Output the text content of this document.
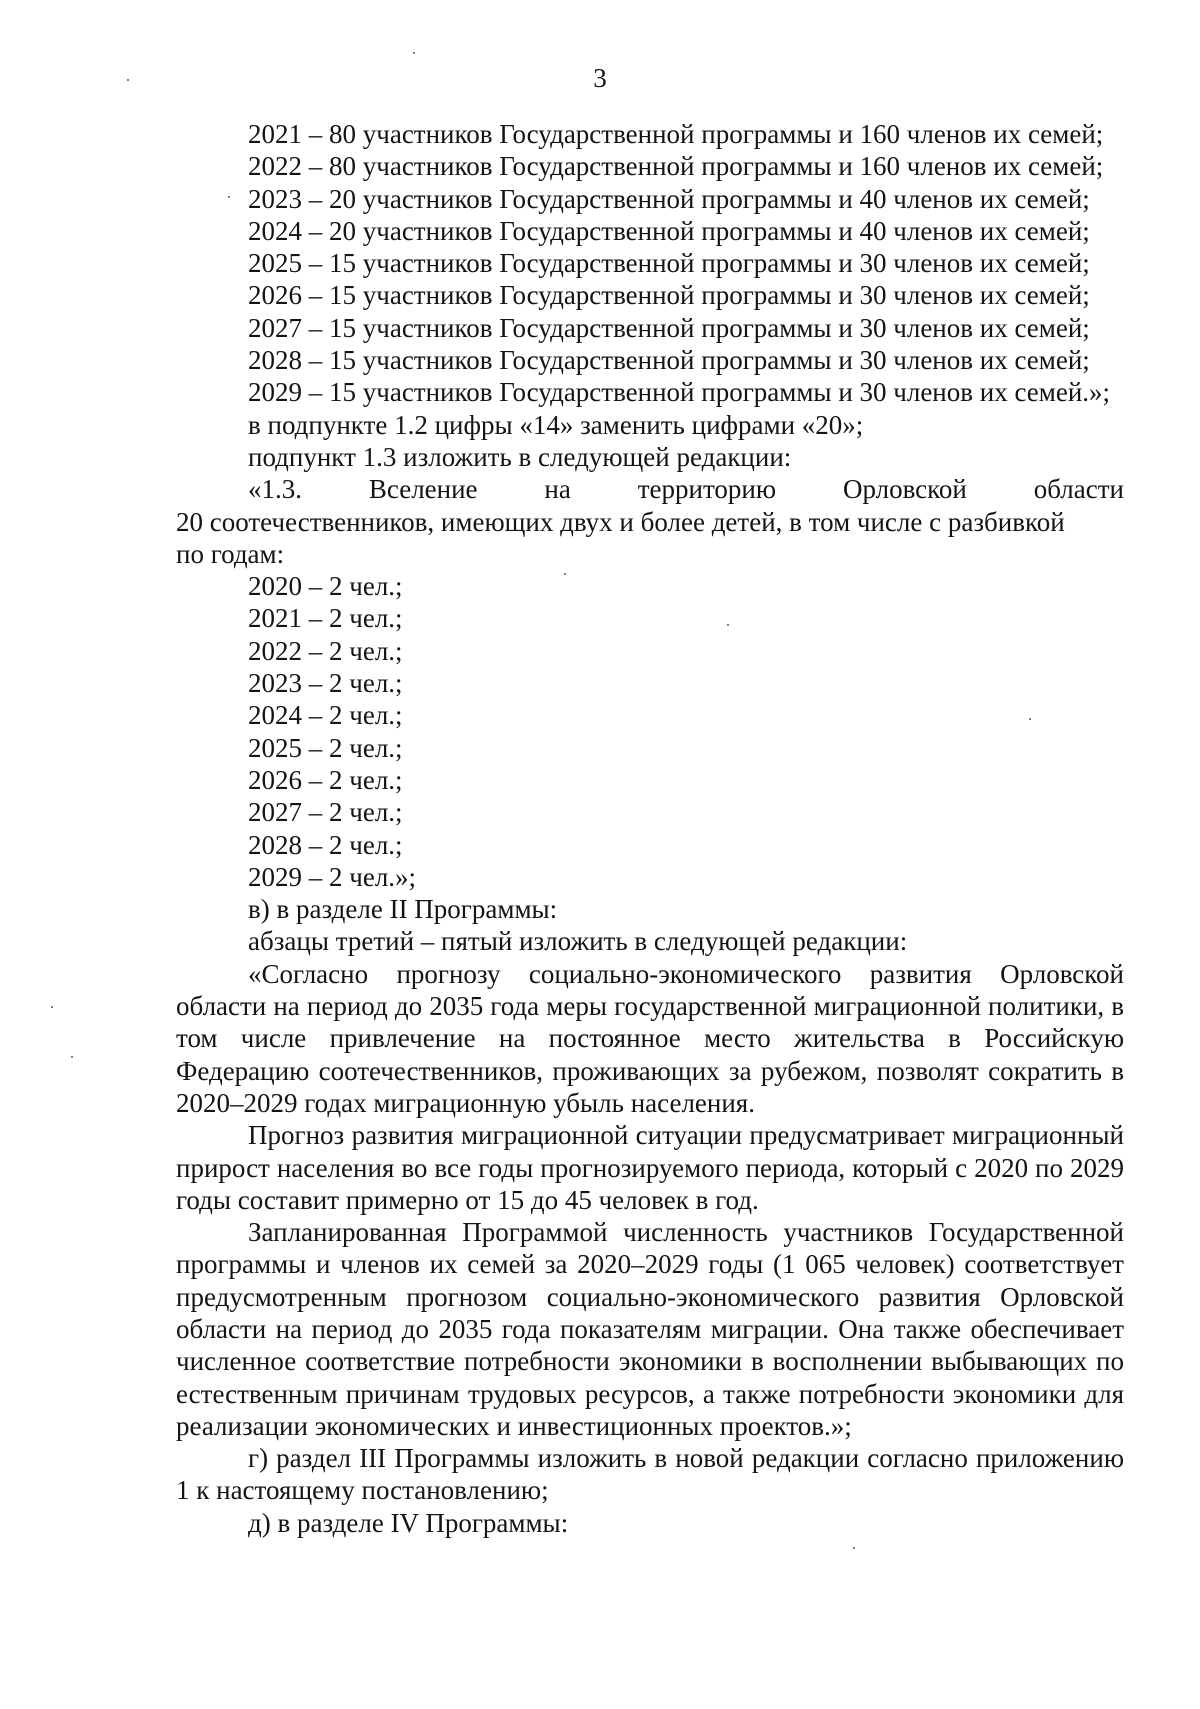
3
2021 – 80 участников Государственной программы и 160 членов их семей;
2022 – 80 участников Государственной программы и 160 членов их семей;
2023 – 20 участников Государственной программы и 40 членов их семей;
2024 – 20 участников Государственной программы и 40 членов их семей;
2025 – 15 участников Государственной программы и 30 членов их семей;
2026 – 15 участников Государственной программы и 30 членов их семей;
2027 – 15 участников Государственной программы и 30 членов их семей;
2028 – 15 участников Государственной программы и 30 членов их семей;
2029 – 15 участников Государственной программы и 30 членов их семей.»;
в подпункте 1.2 цифры «14» заменить цифрами «20»;
подпункт 1.3 изложить в следующей редакции:
«1.3. Вселение на территорию Орловской области
20 соотечественников, имеющих двух и более детей, в том числе с разбивкой
по годам:
2020 – 2 чел.;
2021 – 2 чел.;
2022 – 2 чел.;
2023 – 2 чел.;
2024 – 2 чел.;
2025 – 2 чел.;
2026 – 2 чел.;
2027 – 2 чел.;
2028 – 2 чел.;
2029 – 2 чел.»;
в) в разделе II Программы:
абзацы третий – пятый изложить в следующей редакции:

«Согласно прогнозу социально-экономического развития Орловской области на период до 2035 года меры государственной миграционной политики, в том числе привлечение на постоянное место жительства в Российскую Федерацию соотечественников, проживающих за рубежом, позволят сократить в 2020–2029 годах миграционную убыль населения.

Прогноз развития миграционной ситуации предусматривает миграционный прирост населения во все годы прогнозируемого периода, который с 2020 по 2029 годы составит примерно от 15 до 45 человек в год.

Запланированная Программой численность участников Государственной программы и членов их семей за 2020–2029 годы (1 065 человек) соответствует предусмотренным прогнозом социально-экономического развития Орловской области на период до 2035 года показателям миграции. Она также обеспечивает численное соответствие потребности экономики в восполнении выбывающих по естественным причинам трудовых ресурсов, а также потребности экономики для реализации экономических и инвестиционных проектов.»;

г) раздел III Программы изложить в новой редакции согласно приложению 1 к настоящему постановлению;

д) в разделе IV Программы:
